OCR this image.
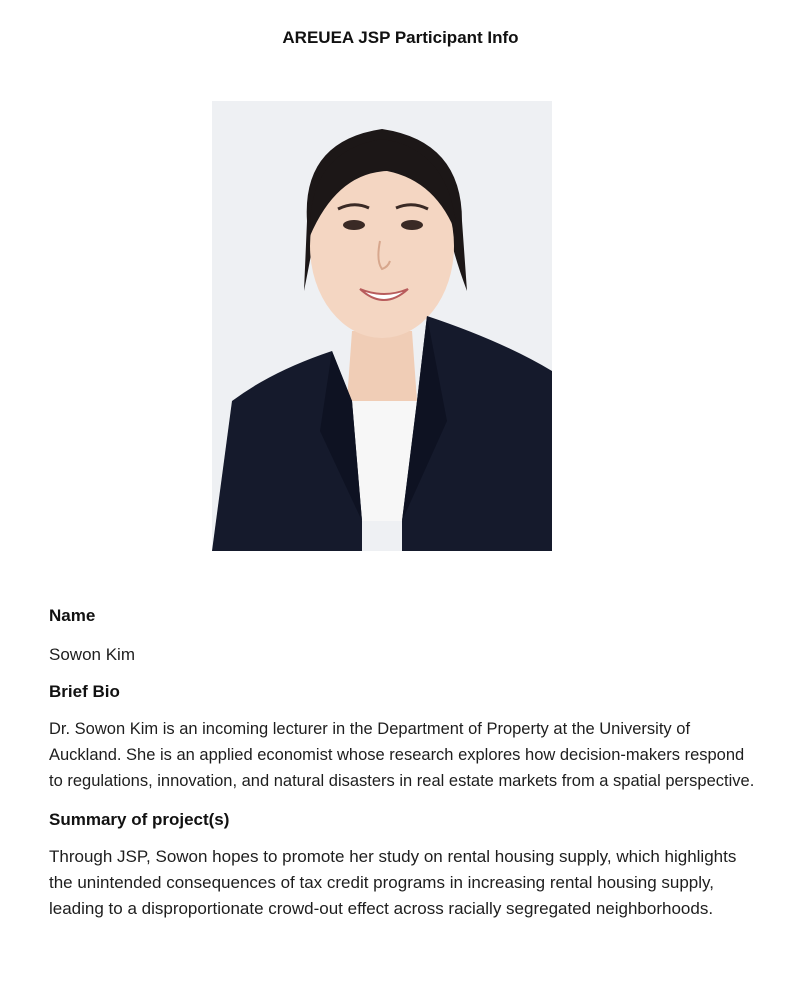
AREUEA JSP Participant Info
Name

Sowon Kim

Brief Bio

Dr. Sowon Kim is an incoming lecturer in the Department of Property at the University of Auckland. She is an applied economist whose research explores how decision-makers respond to regulations, innovation, and natural disasters in real estate markets from a spatial perspective.

Summary of project(s)

Through JSP, Sowon hopes to promote her study on rental housing supply, which highlights the unintended consequences of tax credit programs in increasing rental housing supply, leading to a disproportionate crowd-out effect across racially segregated neighborhoods.
